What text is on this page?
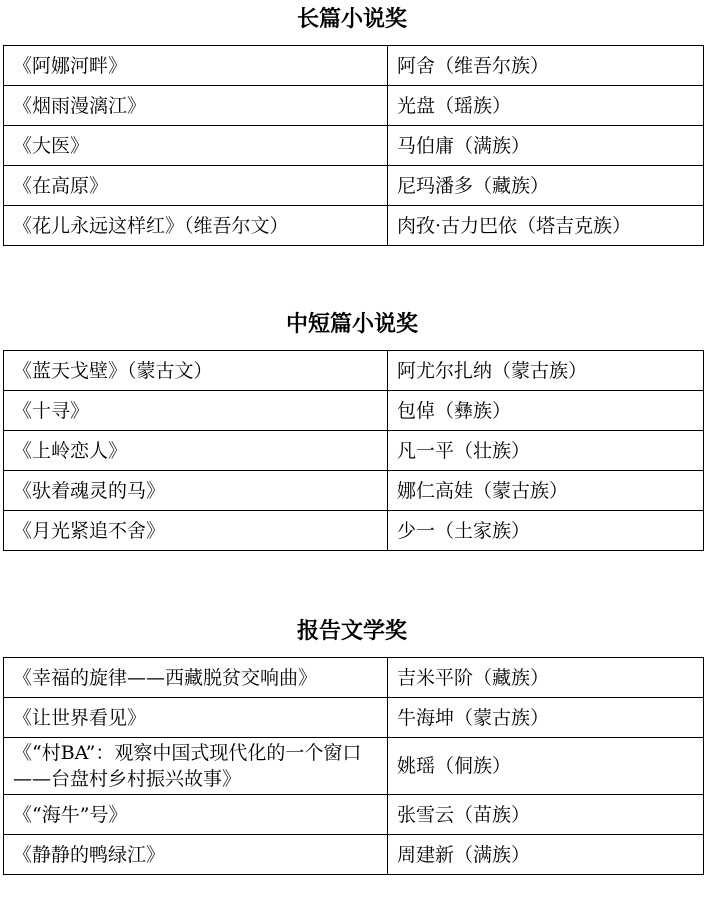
长篇小说奖
《阿娜河畔》	阿舍（维吾尔族）
《烟雨漫漓江》	光盘（瑶族）
《大医》	马伯庸（满族）
《在高原》	尼玛潘多（藏族）
《花儿永远这样红》（维吾尔文）	肉孜·古力巴依（塔吉克族）
中短篇小说奖
《蓝天戈壁》（蒙古文）	阿尤尔扎纳（蒙古族）
《十寻》	包倬（彝族）
《上岭恋人》	凡一平（壮族）
《驮着魂灵的马》	娜仁高娃（蒙古族）
《月光紧追不舍》	少一（土家族）
报告文学奖
《幸福的旋律——西藏脱贫交响曲》	吉米平阶（藏族）
《让世界看见》	牛海坤（蒙古族）
《“村BA”：观察中国式现代化的一个窗口——台盘村乡村振兴故事》	姚瑶（侗族）
《“海牛”号》	张雪云（苗族）
《静静的鸭绿江》	周建新（满族）
